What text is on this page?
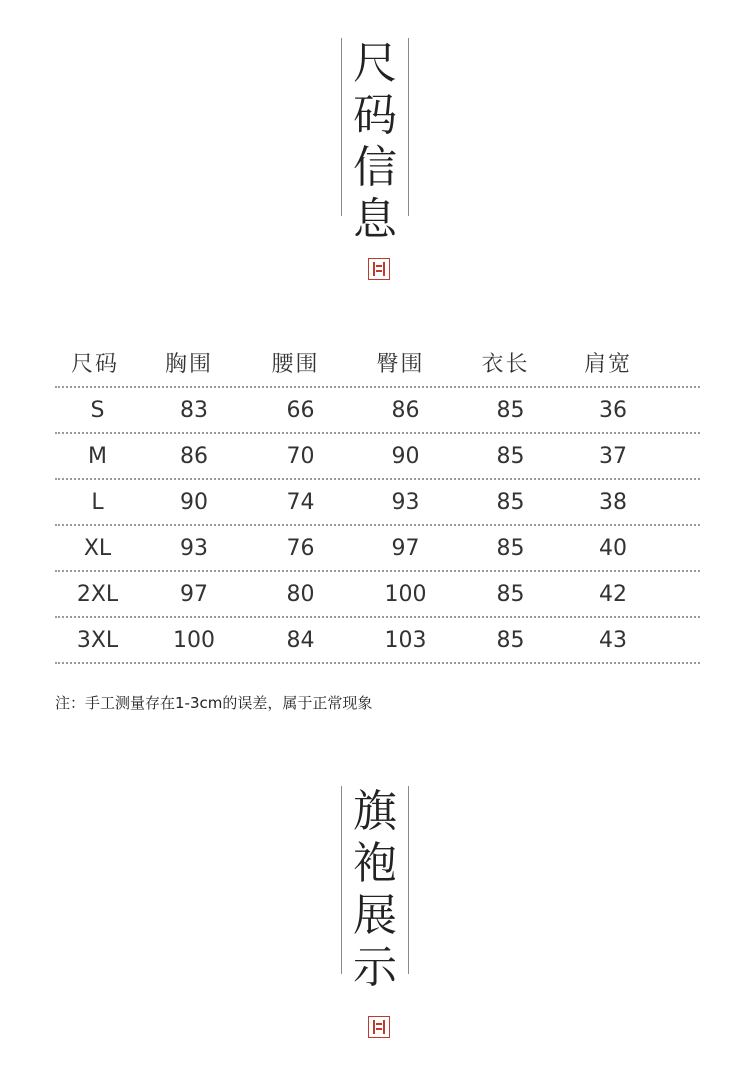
尺
码
信
息
尺码	胸围	腰围	臀围	衣长	肩宽
S	83	66	86	85	36
M	86	70	90	85	37
L	90	74	93	85	38
XL	93	76	97	85	40
2XL	97	80	100	85	42
3XL	100	84	103	85	43
注：手工测量存在1-3cm的误差，属于正常现象
旗
袍
展
示
